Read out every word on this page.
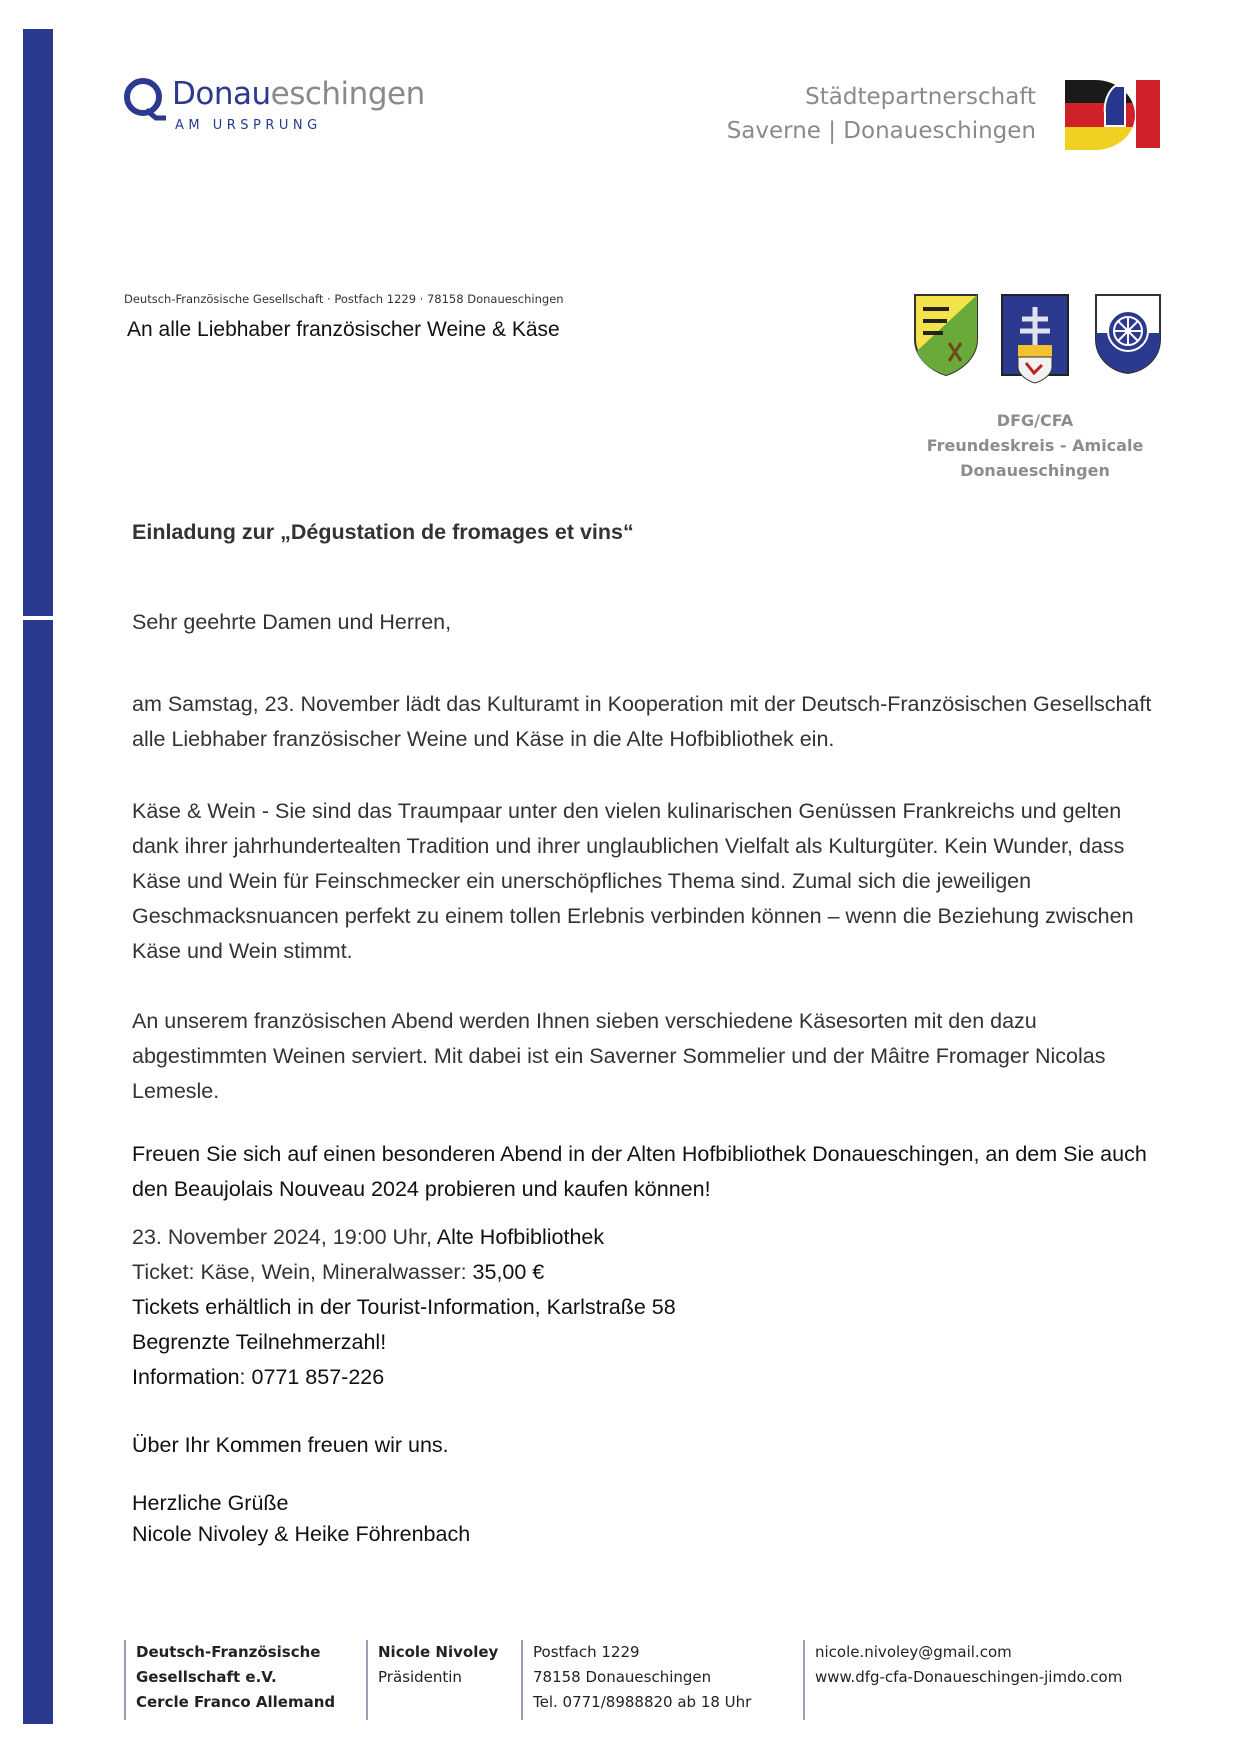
Donaueschingen
AM URSPRUNG
Städtepartnerschaft
Saverne | Donaueschingen
Deutsch-Französische Gesellschaft · Postfach 1229 · 78158 Donaueschingen
An alle Liebhaber französischer Weine & Käse
DFG/CFA
Freundeskreis - Amicale
Donaueschingen
Einladung zur „Dégustation de fromages et vins“
Sehr geehrte Damen und Herren,

am Samstag, 23. November lädt das Kulturamt in Kooperation mit der Deutsch-Französischen Gesellschaft alle Liebhaber französischer Weine und Käse in die Alte Hofbibliothek ein.

Käse & Wein - Sie sind das Traumpaar unter den vielen kulinarischen Genüssen Frankreichs und gelten dank ihrer jahrhundertealten Tradition und ihrer unglaublichen Vielfalt als Kulturgüter. Kein Wunder, dass Käse und Wein für Feinschmecker ein unerschöpfliches Thema sind. Zumal sich die jeweiligen Geschmacksnuancen perfekt zu einem tollen Erlebnis verbinden können – wenn die Beziehung zwischen Käse und Wein stimmt.

An unserem französischen Abend werden Ihnen sieben verschiedene Käsesorten mit den dazu abgestimmten Weinen serviert. Mit dabei ist ein Saverner Sommelier und der Mâitre Fromager Nicolas Lemesle.

Freuen Sie sich auf einen besonderen Abend in der Alten Hofbibliothek Donaueschingen, an dem Sie auch den Beaujolais Nouveau 2024 probieren und kaufen können!

23. November 2024, 19:00 Uhr, Alte Hofbibliothek
Ticket: Käse, Wein, Mineralwasser: 35,00 €
Tickets erhältlich in der Tourist-Information, Karlstraße 58
Begrenzte Teilnehmerzahl!
Information: 0771 857-226
Über Ihr Kommen freuen wir uns.
Herzliche Grüße
Nicole Nivoley & Heike Föhrenbach
Deutsch-Französische
Gesellschaft e.V.
Cercle Franco Allemand
Nicole Nivoley
Präsidentin
Postfach 1229
78158 Donaueschingen
Tel. 0771/8988820 ab 18 Uhr
nicole.nivoley@gmail.com
www.dfg-cfa-Donaueschingen-jimdo.com
